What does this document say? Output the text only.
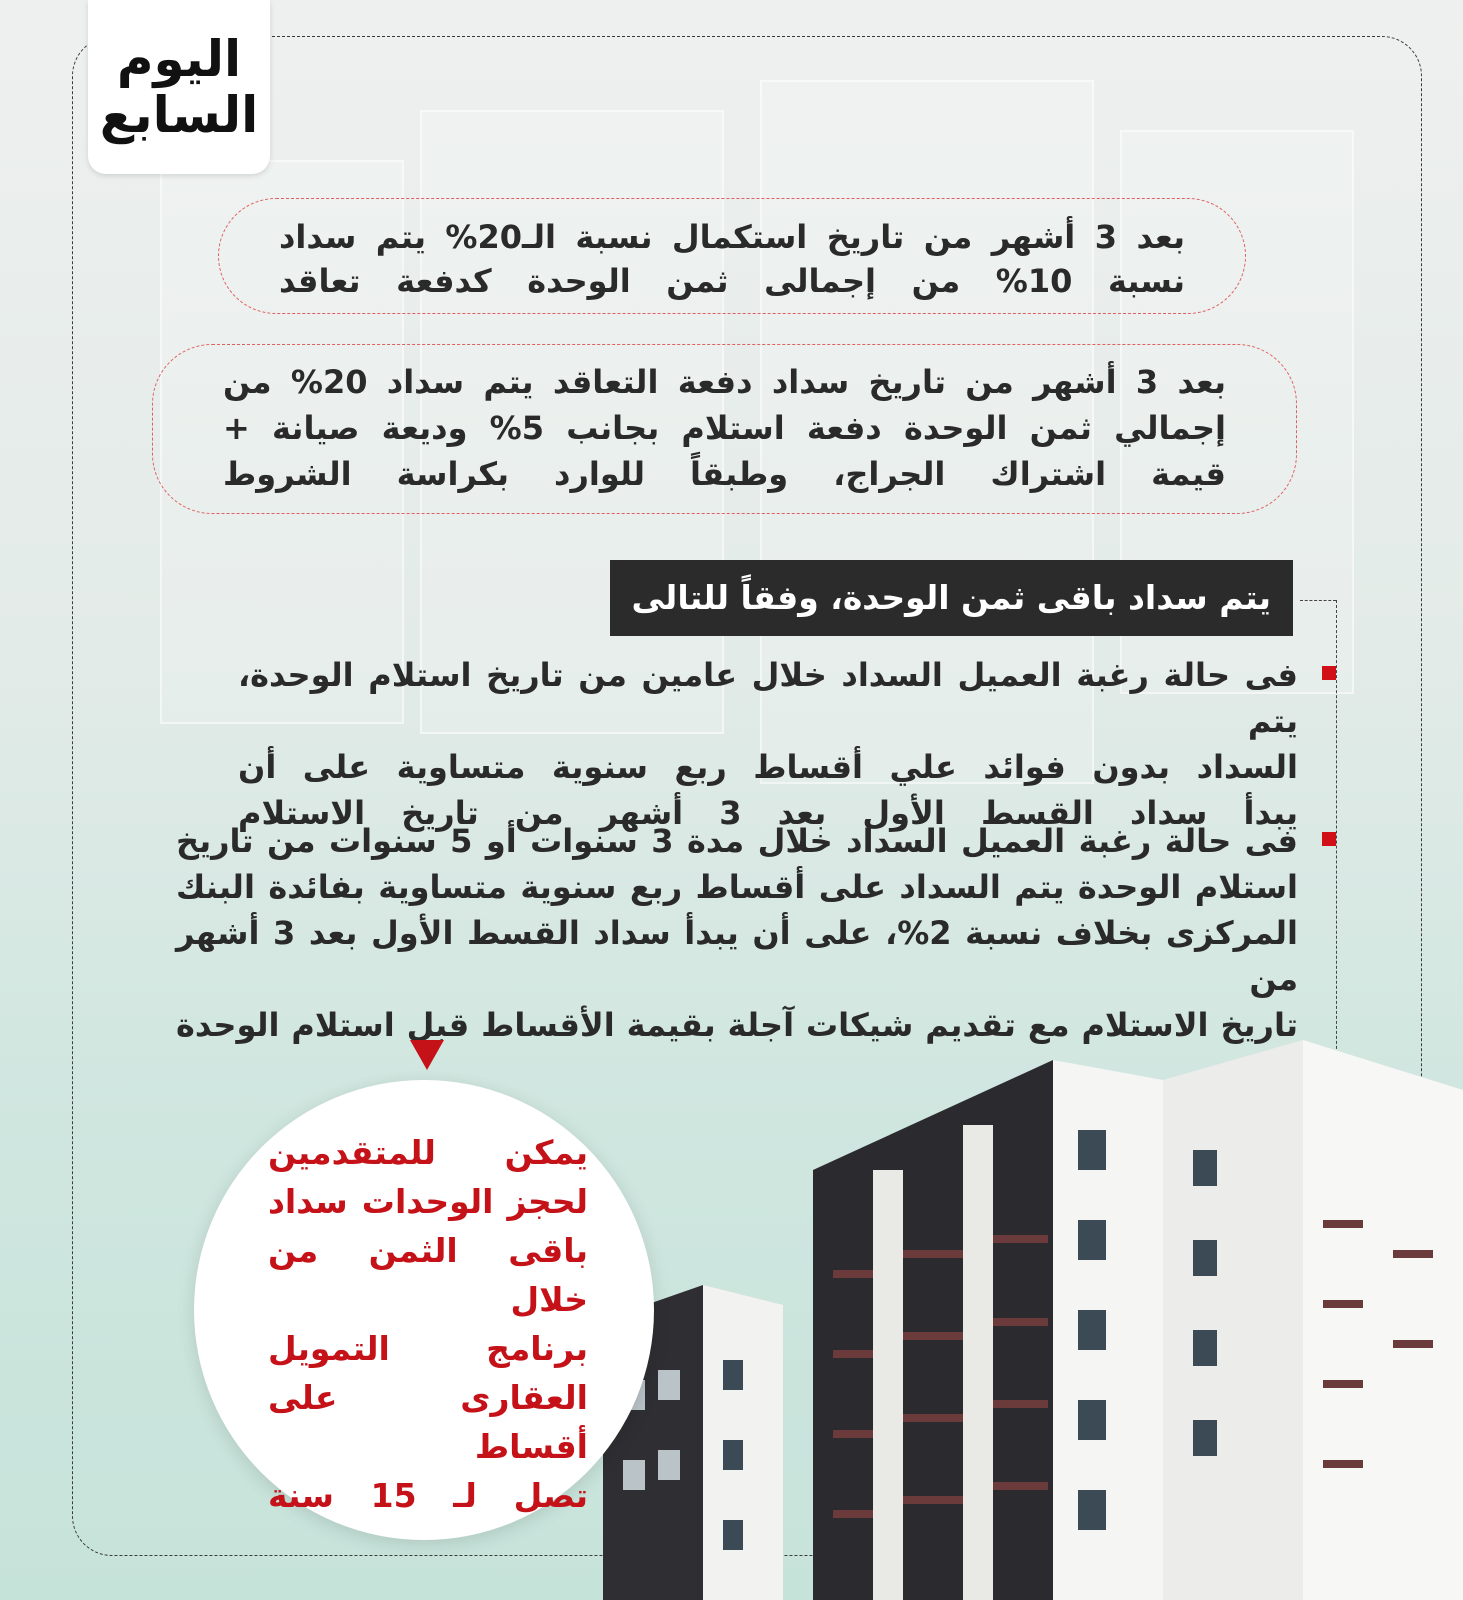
اليوم
السابع

بعد 3 أشهر من تاريخ استكمال نسبة الـ20% يتم سداد

نسبة 10% من إجمالى ثمن الوحدة كدفعة تعاقد

بعد 3 أشهر من تاريخ سداد دفعة التعاقد يتم سداد 20% من

إجمالي ثمن الوحدة دفعة استلام بجانب 5% وديعة صيانة +

قيمة اشتراك الجراج، وطبقاً للوارد بكراسة الشروط

يتم سداد باقى ثمن الوحدة، وفقاً للتالى

فى حالة رغبة العميل السداد خلال عامين من تاريخ استلام الوحدة، يتم

السداد بدون فوائد علي أقساط ربع سنوية متساوية على أن

يبدأ سداد القسط الأول بعد 3 أشهر من تاريخ الاستلام

فى حالة رغبة العميل السداد خلال مدة 3 سنوات أو 5 سنوات من تاريخ

استلام الوحدة يتم السداد على أقساط ربع سنوية متساوية بفائدة البنك

المركزى بخلاف نسبة 2%، على أن يبدأ سداد القسط الأول بعد 3 أشهر من

تاريخ الاستلام مع تقديم شيكات آجلة بقيمة الأقساط قبل استلام الوحدة

يمكن للمتقدمين

لحجز الوحدات سداد

باقى الثمن من خلال

برنامج التمويل

العقارى على أقساط

تصل لـ 15 سنة
